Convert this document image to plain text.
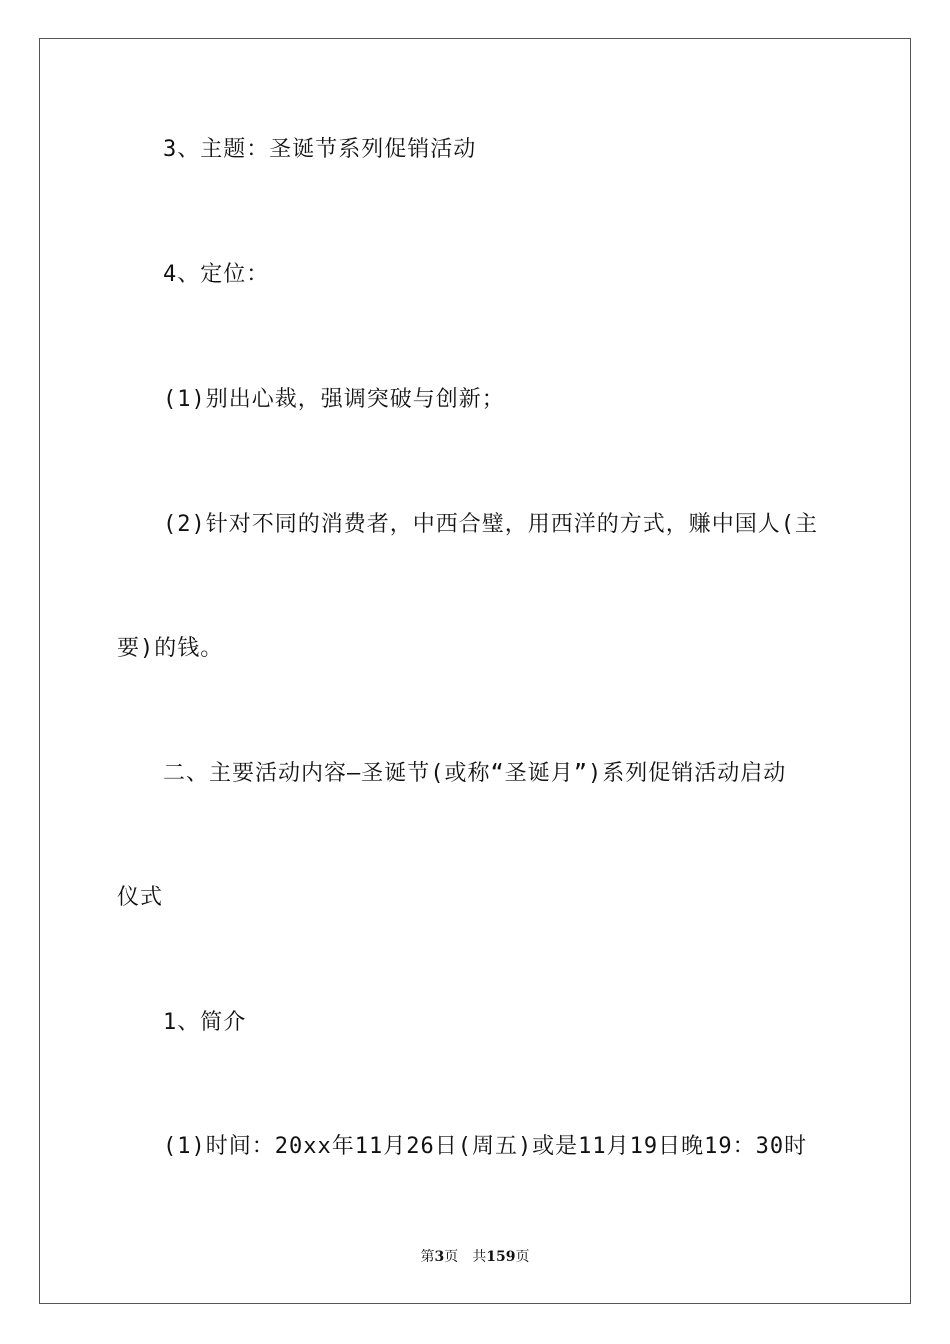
3、主题：圣诞节系列促销活动
4、定位：
(1)别出心裁，强调突破与创新；
(2)针对不同的消费者，中西合璧，用西洋的方式，赚中国人(主
要)的钱。
二、主要活动内容—圣诞节(或称“圣诞月”)系列促销活动启动
仪式
1、简介
(1)时间：20xx年11月26日(周五)或是11月19日晚19：30时
第3页 共159页
